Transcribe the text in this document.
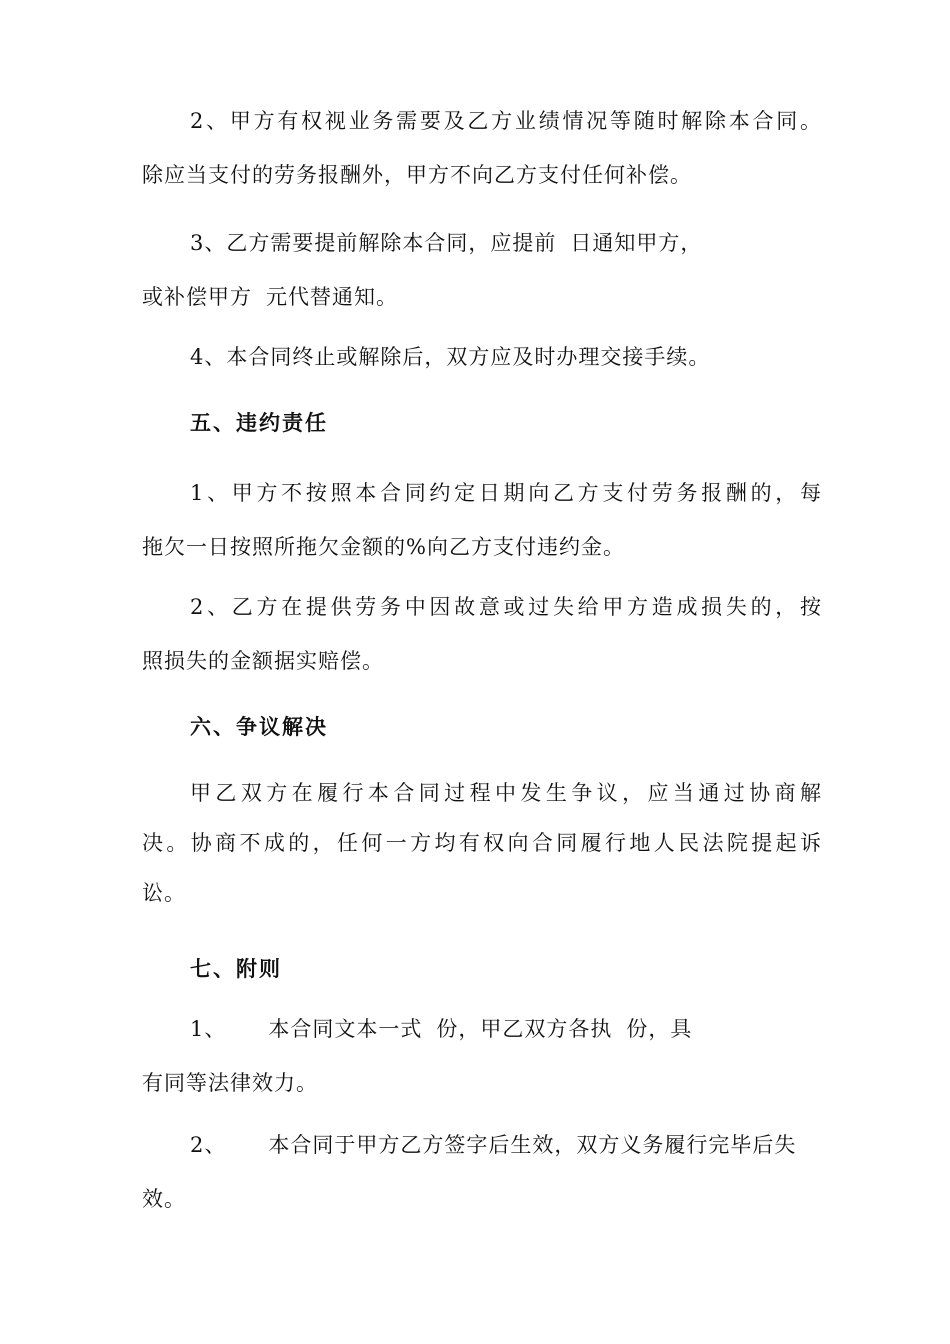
2、甲方有权视业务需要及乙方业绩情况等随时解除本合同。
除应当支付的劳务报酬外，甲方不向乙方支付任何补偿。
3、乙方需要提前解除本合同，应提前 日通知甲方，
或补偿甲方 元代替通知。
4、本合同终止或解除后，双方应及时办理交接手续。
五、违约责任
1、甲方不按照本合同约定日期向乙方支付劳务报酬的，每
拖欠一日按照所拖欠金额的%向乙方支付违约金。
2、乙方在提供劳务中因故意或过失给甲方造成损失的，按
照损失的金额据实赔偿。
六、争议解决
甲乙双方在履行本合同过程中发生争议，应当通过协商解
决。协商不成的，任何一方均有权向合同履行地人民法院提起诉
讼。
七、附则
1、 本合同文本一式 份，甲乙双方各执 份，具
有同等法律效力。
2、 本合同于甲方乙方签字后生效，双方义务履行完毕后失
效。
